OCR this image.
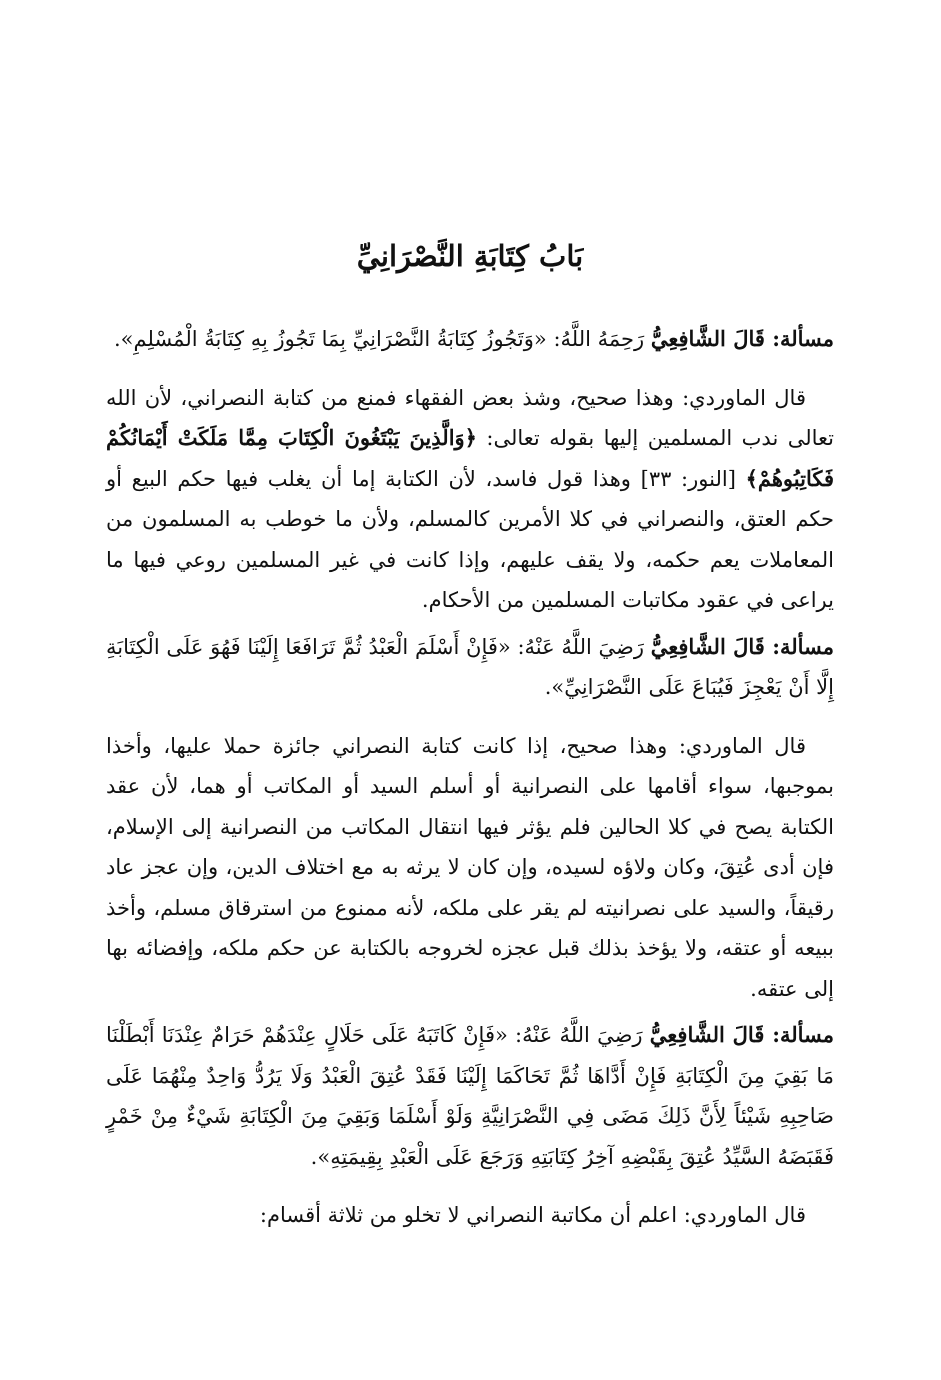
بَابُ كِتَابَةِ النَّصْرَانِيِّ

مسألة: قَالَ الشَّافِعِيُّ رَحِمَهُ اللَّهُ: «وَتَجُوزُ كِتَابَةُ النَّصْرَانِيِّ بِمَا تَجُوزُ بِهِ كِتَابَةُ الْمُسْلِمِ».

قال الماوردي: وهذا صحيح، وشذ بعض الفقهاء فمنع من كتابة النصراني، لأن الله تعالى ندب المسلمين إليها بقوله تعالى: ﴿وَالَّذِينَ يَبْتَغُونَ الْكِتَابَ مِمَّا مَلَكَتْ أَيْمَانُكُمْ فَكَاتِبُوهُمْ﴾ [النور: ٣٣] وهذا قول فاسد، لأن الكتابة إما أن يغلب فيها حكم البيع أو حكم العتق، والنصراني في كلا الأمرين كالمسلم، ولأن ما خوطب به المسلمون من المعاملات يعم حكمه، ولا يقف عليهم، وإذا كانت في غير المسلمين روعي فيها ما يراعى في عقود مكاتبات المسلمين من الأحكام.

مسألة: قَالَ الشَّافِعِيُّ رَضِيَ اللَّهُ عَنْهُ: «فَإِنْ أَسْلَمَ الْعَبْدُ ثُمَّ تَرَافَعَا إِلَيْنَا فَهُوَ عَلَى الْكِتَابَةِ إِلَّا أَنْ يَعْجِزَ فَيُبَاعَ عَلَى النَّصْرَانِيِّ».

قال الماوردي: وهذا صحيح، إذا كانت كتابة النصراني جائزة حملا عليها، وأخذا بموجبها، سواء أقامها على النصرانية أو أسلم السيد أو المكاتب أو هما، لأن عقد الكتابة يصح في كلا الحالين فلم يؤثر فيها انتقال المكاتب من النصرانية إلى الإسلام، فإن أدى عُتِقَ، وكان ولاؤه لسيده، وإن كان لا يرثه به مع اختلاف الدين، وإن عجز عاد رقيقاً، والسيد على نصرانيته لم يقر على ملكه، لأنه ممنوع من استرقاق مسلم، وأخذ ببيعه أو عتقه، ولا يؤخذ بذلك قبل عجزه لخروجه بالكتابة عن حكم ملكه، وإفضائه بها إلى عتقه.

مسألة: قَالَ الشَّافِعِيُّ رَضِيَ اللَّهُ عَنْهُ: «فَإِنْ كَاتَبَهُ عَلَى حَلَالٍ عِنْدَهُمْ حَرَامٌ عِنْدَنَا أَبْطَلْنَا مَا بَقِيَ مِنَ الْكِتَابَةِ فَإِنْ أَدَّاهَا ثُمَّ تَحَاكَمَا إِلَيْنَا فَقَدْ عُتِقَ الْعَبْدُ وَلَا يَرُدُّ وَاحِدٌ مِنْهُمَا عَلَى صَاحِبِهِ شَيْئاً لِأَنَّ ذَلِكَ مَضَى فِي النَّصْرَانِيَّةِ وَلَوْ أَسْلَمَا وَبَقِيَ مِنَ الْكِتَابَةِ شَيْءٌ مِنْ خَمْرٍ فَقَبَضَهُ السَّيِّدُ عُتِقَ بِقَبْضِهِ آخِرُ كِتَابَتِهِ وَرَجَعَ عَلَى الْعَبْدِ بِقِيمَتِهِ».

قال الماوردي: اعلم أن مكاتبة النصراني لا تخلو من ثلاثة أقسام:
